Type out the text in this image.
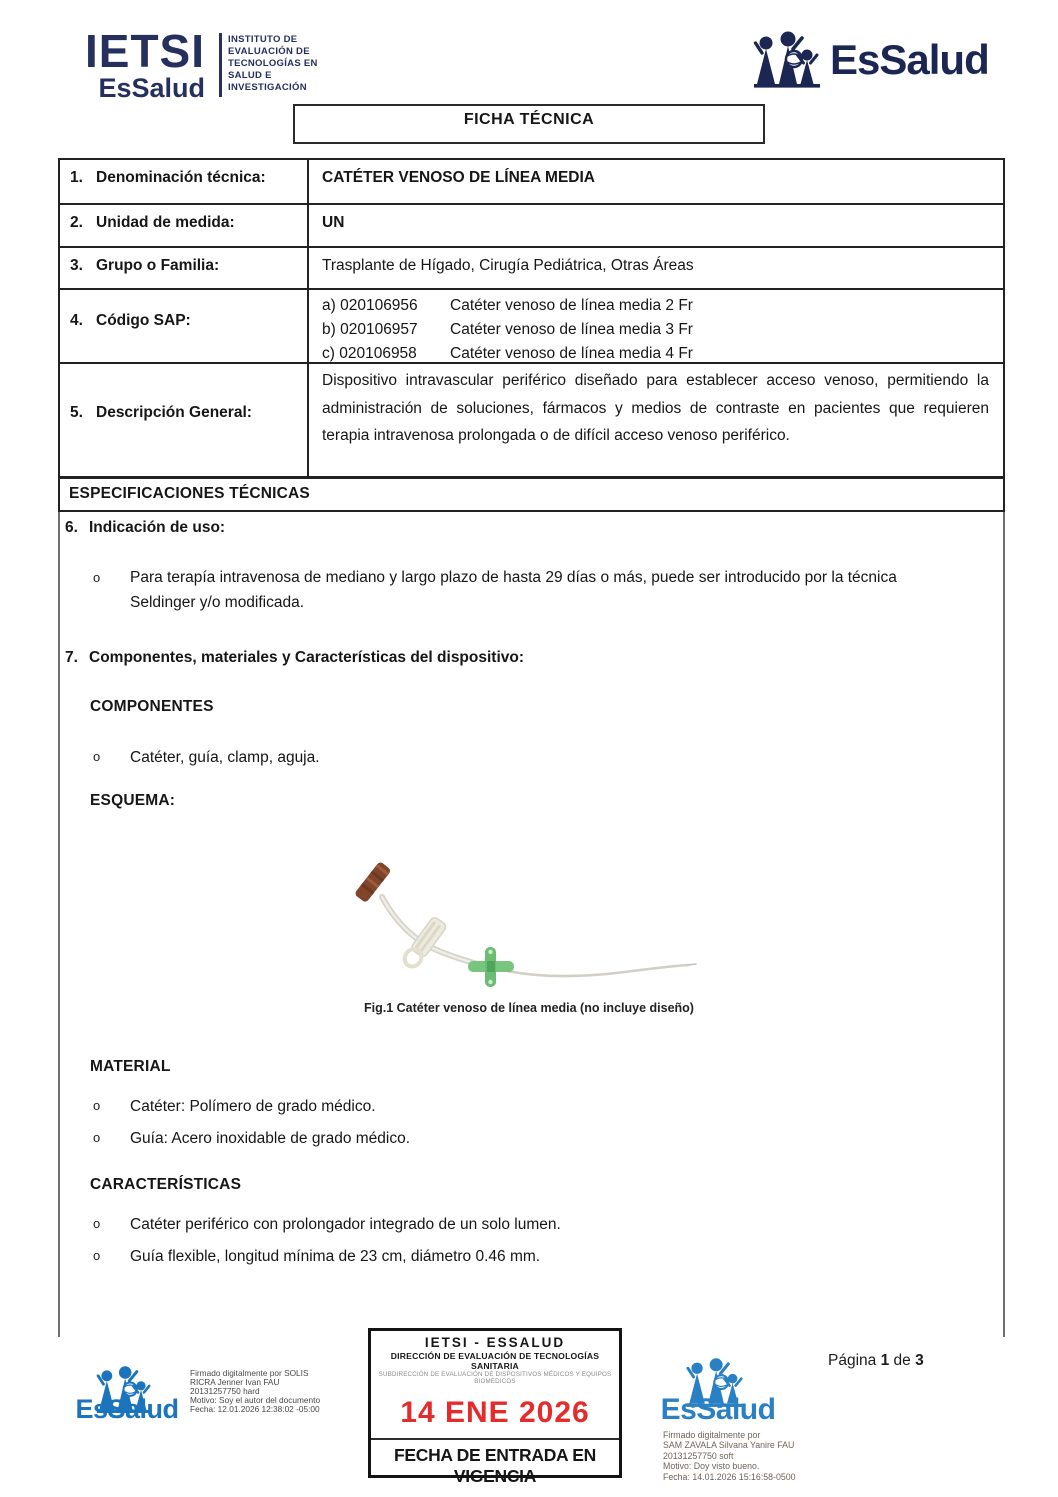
IETSI
EsSalud
INSTITUTO DE
EVALUACIÓN DE
TECNOLOGÍAS EN
SALUD E
INVESTIGACIÓN
EsSalud
FICHA TÉCNICA
1. Denominación técnica:	CATÉTER VENOSO DE LÍNEA MEDIA
2. Unidad de medida:	UN
3. Grupo o Familia:	Trasplante de Hígado, Cirugía Pediátrica, Otras Áreas
4. Código SAP:
a) 020106956	Catéter venoso de línea media 2 Fr
b) 020106957	Catéter venoso de línea media 3 Fr
c) 020106958	Catéter venoso de línea media 4 Fr
5. Descripción General:
Dispositivo intravascular periférico diseñado para establecer acceso venoso, permitiendo la administración de soluciones, fármacos y medios de contraste en pacientes que requieren terapia intravenosa prolongada o de difícil acceso venoso periférico.
ESPECIFICACIONES TÉCNICAS
6. Indicación de uso:
o Para terapía intravenosa de mediano y largo plazo de hasta 29 días o más, puede ser introducido por la técnica Seldinger y/o modificada.
7. Componentes, materiales y Características del dispositivo:
COMPONENTES
o Catéter, guía, clamp, aguja.
ESQUEMA:
Fig.1 Catéter venoso de línea media (no incluye diseño)
MATERIAL
o Catéter: Polímero de grado médico.
o Guía: Acero inoxidable de grado médico.
CARACTERÍSTICAS
o Catéter periférico con prolongador integrado de un solo lumen.
o Guía flexible, longitud mínima de 23 cm, diámetro 0.46 mm.
EsSalud
Firmado digitalmente por SOLIS
RICRA Jenner Ivan FAU
20131257750 hard
Motivo: Soy el autor del documento
Fecha: 12.01.2026 12:38:02 -05:00
IETSI - ESSALUD
DIRECCIÓN DE EVALUACIÓN DE TECNOLOGÍAS SANITARIA
SUBDIRECCIÓN DE EVALUACIÓN DE DISPOSITIVOS MÉDICOS Y EQUIPOS BIOMEDICOS
14 ENE 2026
FECHA DE ENTRADA EN VIGENCIA
EsSalud
Firmado digitalmente por
SAM ZAVALA Silvana Yanire FAU
20131257750 soft
Motivo: Doy visto bueno.
Fecha: 14.01.2026 15:16:58-0500
Página 1 de 3
